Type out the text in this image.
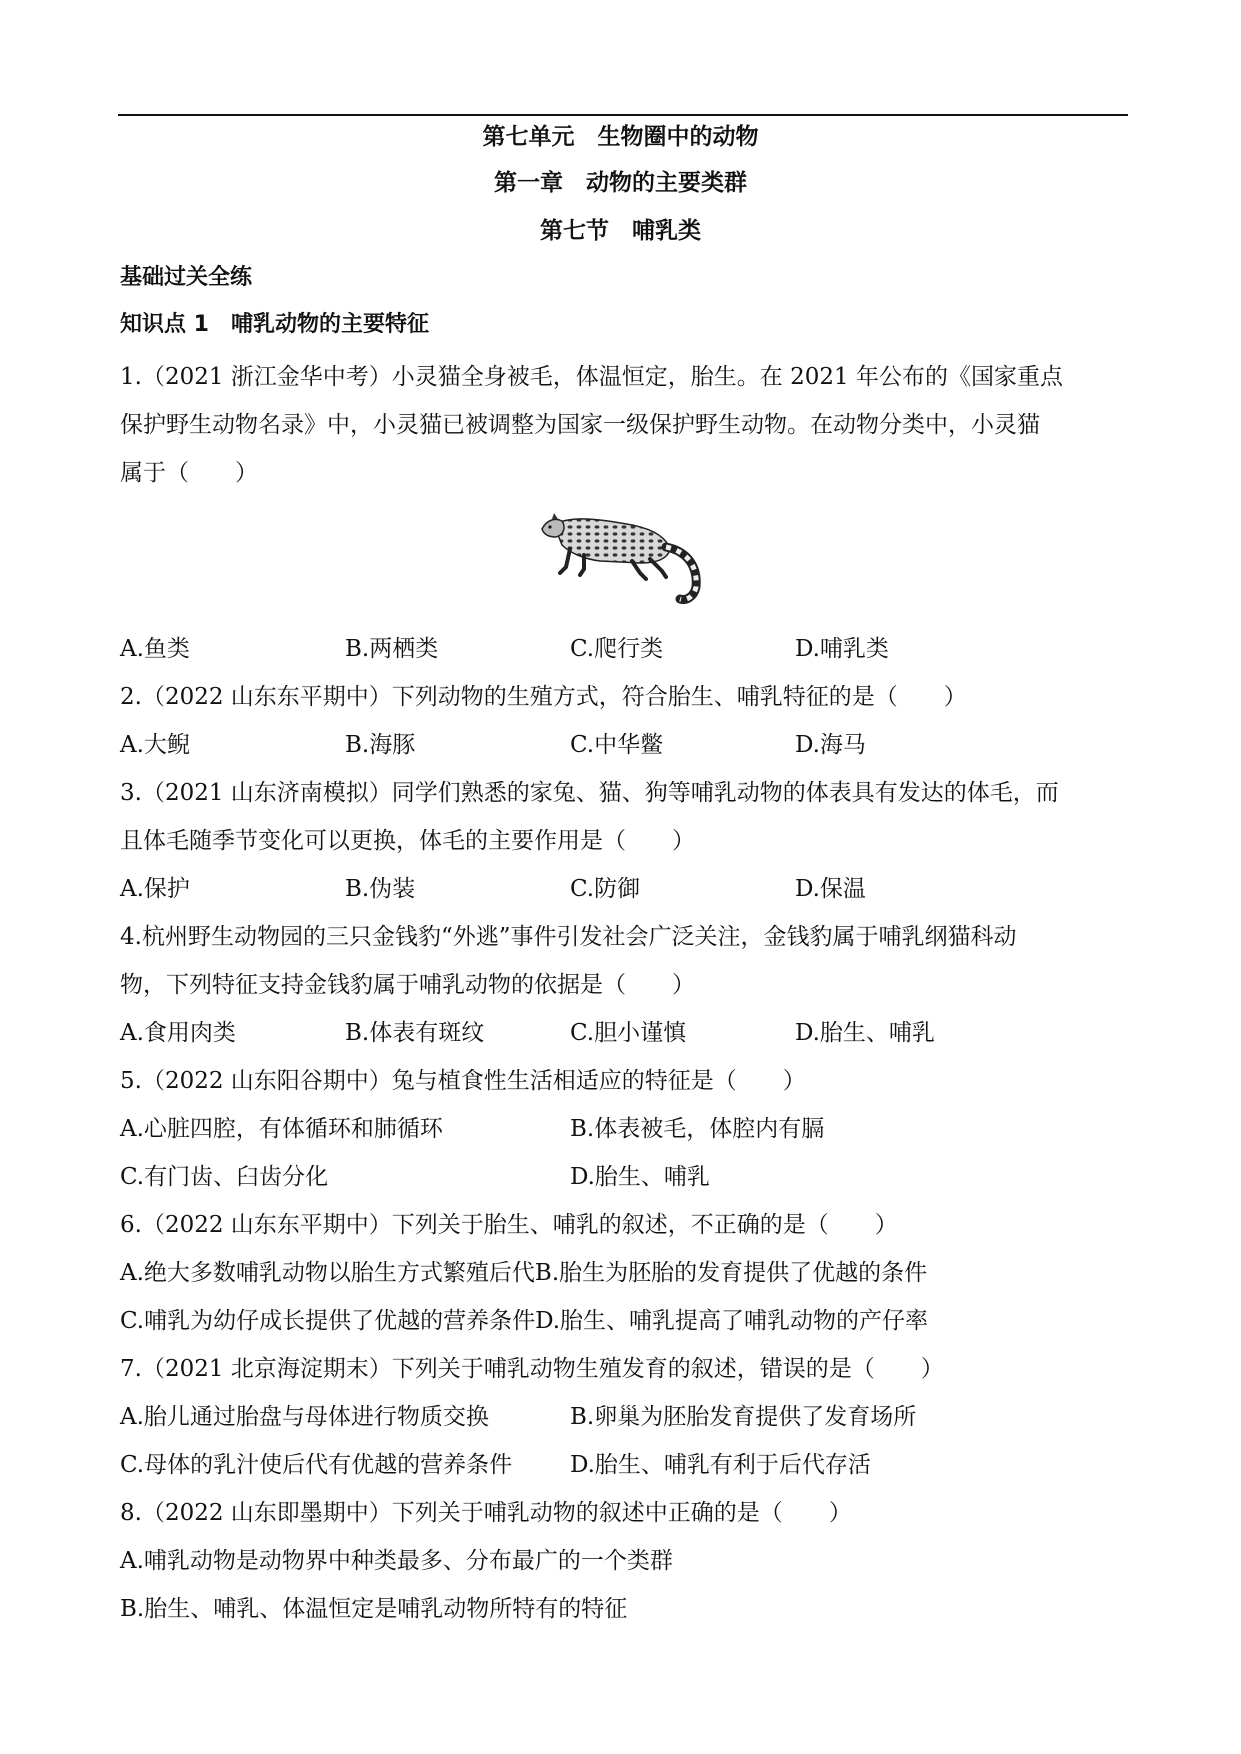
第七单元　生物圈中的动物
第一章　动物的主要类群
第七节　哺乳类
基础过关全练
知识点 1　哺乳动物的主要特征

1.（2021 浙江金华中考）小灵猫全身被毛，体温恒定，胎生。在 2021 年公布的《国家重点

保护野生动物名录》中，小灵猫已被调整为国家一级保护野生动物。在动物分类中，小灵猫

属于（　　）

A.鱼类	B.两栖类	C.爬行类	D.哺乳类

2.（2022 山东东平期中）下列动物的生殖方式，符合胎生、哺乳特征的是（　　）

A.大鲵	B.海豚	C.中华鳖	D.海马

3.（2021 山东济南模拟）同学们熟悉的家兔、猫、狗等哺乳动物的体表具有发达的体毛，而

且体毛随季节变化可以更换，体毛的主要作用是（　　）

A.保护	B.伪装	C.防御	D.保温

4.杭州野生动物园的三只金钱豹“外逃”事件引发社会广泛关注，金钱豹属于哺乳纲猫科动

物，下列特征支持金钱豹属于哺乳动物的依据是（　　）

A.食用肉类	B.体表有斑纹	C.胆小谨慎	D.胎生、哺乳

5.（2022 山东阳谷期中）兔与植食性生活相适应的特征是（　　）

A.心脏四腔，有体循环和肺循环	B.体表被毛，体腔内有膈
C.有门齿、臼齿分化	D.胎生、哺乳

6.（2022 山东东平期中）下列关于胎生、哺乳的叙述，不正确的是（　　）

A.绝大多数哺乳动物以胎生方式繁殖后代 B.胎生为胚胎的发育提供了优越的条件
C.哺乳为幼仔成长提供了优越的营养条件 D.胎生、哺乳提高了哺乳动物的产仔率

7.（2021 北京海淀期末）下列关于哺乳动物生殖发育的叙述，错误的是（　　）

A.胎儿通过胎盘与母体进行物质交换	B.卵巢为胚胎发育提供了发育场所
C.母体的乳汁使后代有优越的营养条件	D.胎生、哺乳有利于后代存活

8.（2022 山东即墨期中）下列关于哺乳动物的叙述中正确的是（　　）

A.哺乳动物是动物界中种类最多、分布最广的一个类群

B.胎生、哺乳、体温恒定是哺乳动物所特有的特征
